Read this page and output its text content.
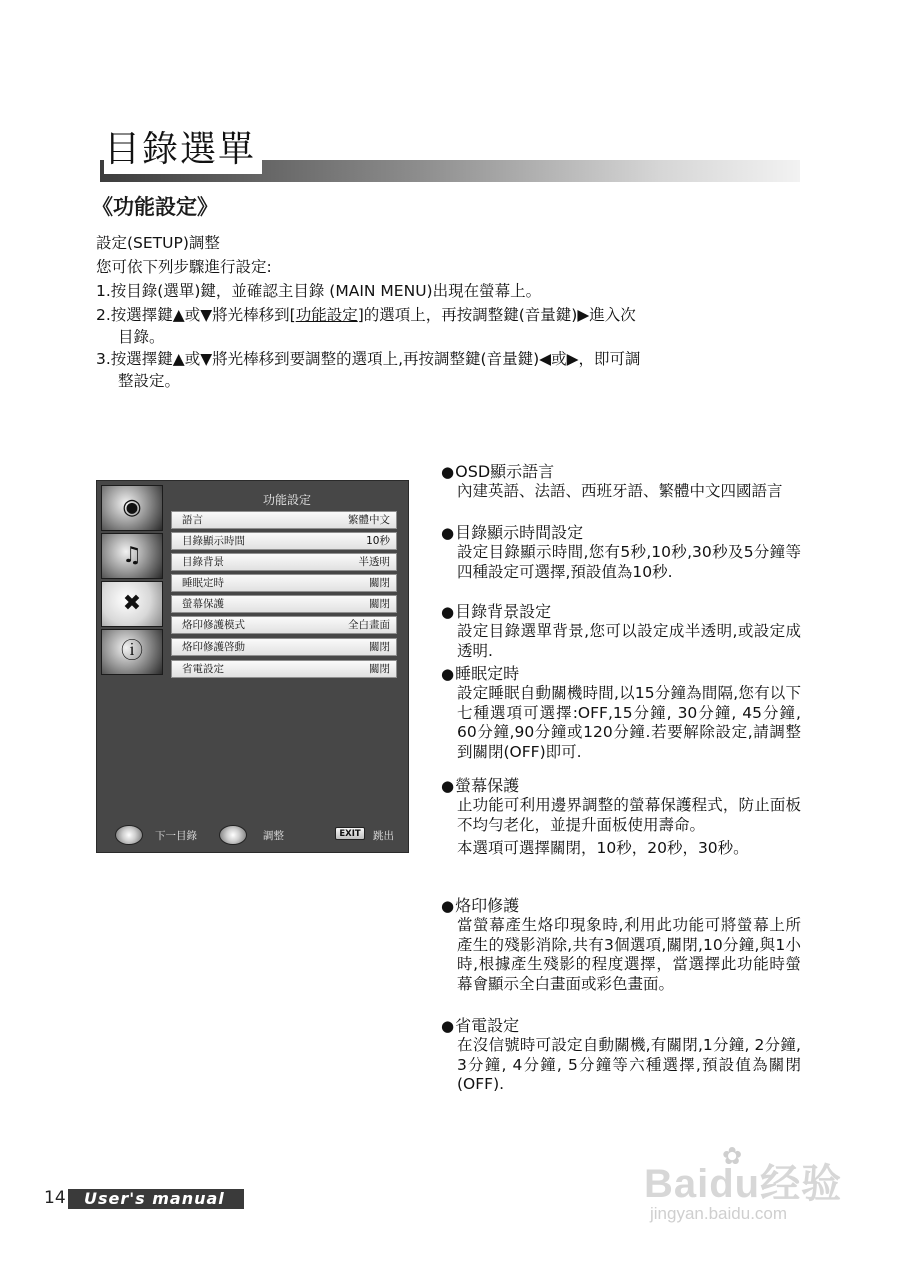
目錄選單
《功能設定》
設定(SETUP)調整
您可依下列步驟進行設定:
1.按目錄(選單)鍵，並確認主目錄 (MAIN MENU)出現在螢幕上。
2.按選擇鍵▲或▼將光棒移到[功能設定]的選項上，再按調整鍵(音量鍵)▶進入次
目錄。
3.按選擇鍵▲或▼將光棒移到要調整的選項上,再按調整鍵(音量鍵)◀或▶，即可調
整設定。
◉
♫
✖
ⓘ
功能設定
語言	繁體中文
目錄顯示時間	10秒
目錄背景	半透明
睡眠定時	關閉
螢幕保護	關閉
烙印修護模式	全白畫面
烙印修護啓動	關閉
省電設定	關閉
下一目錄	調整	EXIT	跳出
●OSD顯示語言
內建英語、法語、西班牙語、繁體中文四國語言
●目錄顯示時間設定
設定目錄顯示時間,您有5秒,10秒,30秒及5分鐘等四種設定可選擇,預設值為10秒.
●目錄背景設定
設定目錄選單背景,您可以設定成半透明,或設定成透明.
●睡眠定時
設定睡眠自動關機時間,以15分鐘為間隔,您有以下七種選項可選擇:OFF,15分鐘, 30分鐘, 45分鐘, 60分鐘,90分鐘或120分鐘.若要解除設定,請調整到關閉(OFF)即可.
●螢幕保護
止功能可利用邊界調整的螢幕保護程式，防止面板不均勻老化，並提升面板使用壽命。
本選項可選擇關閉，10秒，20秒，30秒。
●烙印修護
當螢幕產生烙印現象時,利用此功能可將螢幕上所產生的殘影消除,共有3個選項,關閉,10分鐘,與1小時,根據產生殘影的程度選擇，當選擇此功能時螢幕會顯示全白畫面或彩色畫面。
●省電設定
在沒信號時可設定自動關機,有關閉,1分鐘, 2分鐘, 3分鐘, 4分鐘, 5分鐘等六種選擇,預設值為關閉(OFF).
14	User's manual	Baidu经验
✿
jingyan.baidu.com
